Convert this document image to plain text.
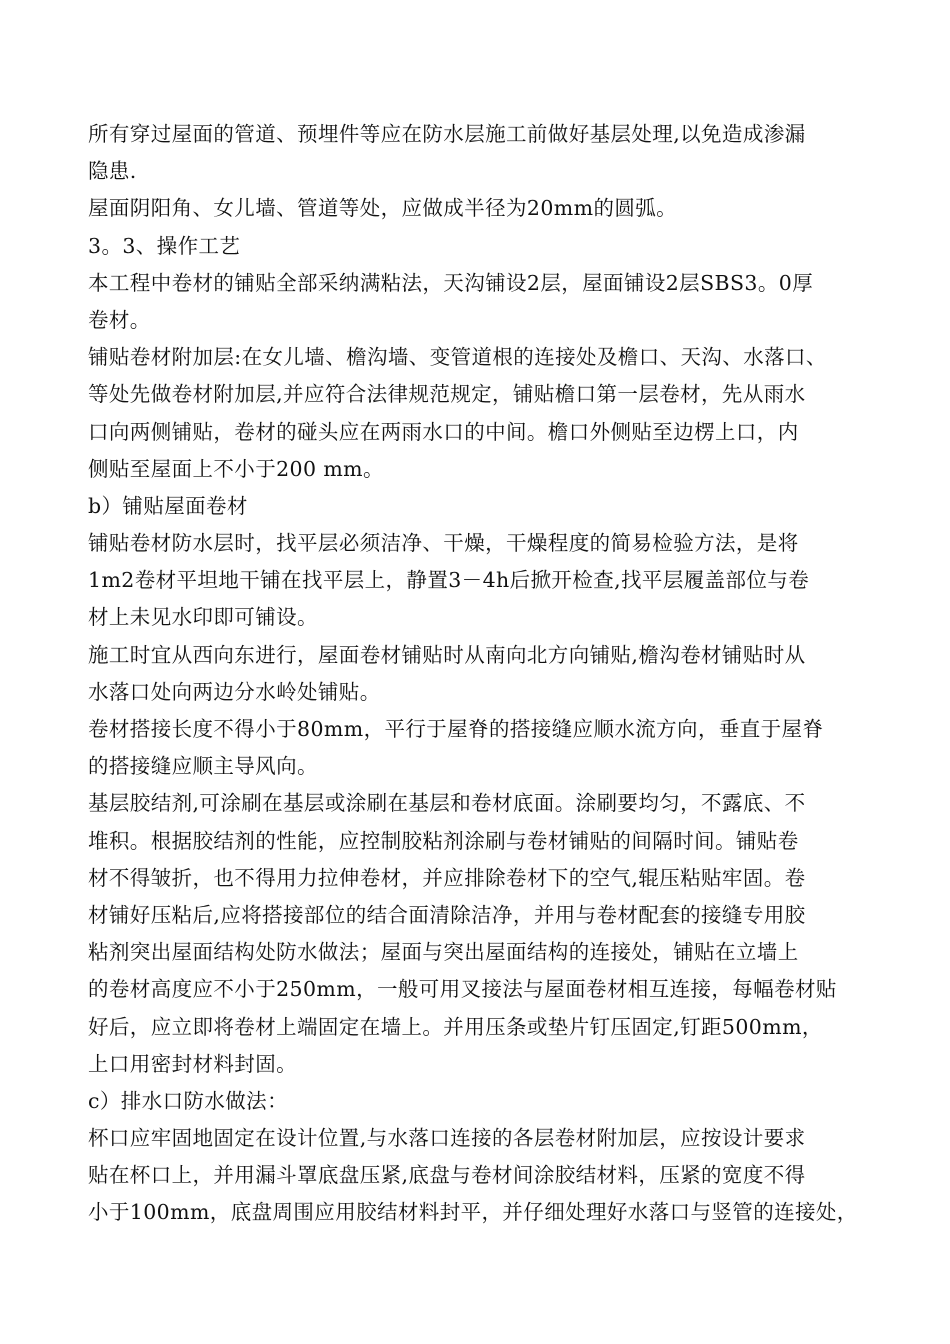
所有穿过屋面的管道、预埋件等应在防水层施工前做好基层处理,以免造成渗漏
隐患.
屋面阴阳角、女儿墙、管道等处，应做成半径为20mm的圆弧。
3。3、操作工艺
本工程中卷材的铺贴全部采纳满粘法，天沟铺设2层，屋面铺设2层SBS3。0厚
卷材。
铺贴卷材附加层:在女儿墙、檐沟墙、变管道根的连接处及檐口、天沟、水落口、
等处先做卷材附加层,并应符合法律规范规定，铺贴檐口第一层卷材，先从雨水
口向两侧铺贴，卷材的碰头应在两雨水口的中间。檐口外侧贴至边楞上口，内
侧贴至屋面上不小于200 mm。
b）铺贴屋面卷材
铺贴卷材防水层时，找平层必须洁净、干燥，干燥程度的简易检验方法，是将
1m2卷材平坦地干铺在找平层上，静置3－4h后掀开检查,找平层履盖部位与卷
材上未见水印即可铺设。
施工时宜从西向东进行，屋面卷材铺贴时从南向北方向铺贴,檐沟卷材铺贴时从
水落口处向两边分水岭处铺贴。
卷材搭接长度不得小于80mm，平行于屋脊的搭接缝应顺水流方向，垂直于屋脊
的搭接缝应顺主导风向。
基层胶结剂,可涂刷在基层或涂刷在基层和卷材底面。涂刷要均匀，不露底、不
堆积。根据胶结剂的性能，应控制胶粘剂涂刷与卷材铺贴的间隔时间。铺贴卷
材不得皱折，也不得用力拉伸卷材，并应排除卷材下的空气,辊压粘贴牢固。卷
材铺好压粘后,应将搭接部位的结合面清除洁净，并用与卷材配套的接缝专用胶
粘剂突出屋面结构处防水做法；屋面与突出屋面结构的连接处，铺贴在立墙上
的卷材高度应不小于250mm，一般可用叉接法与屋面卷材相互连接，每幅卷材贴
好后，应立即将卷材上端固定在墙上。并用压条或垫片钉压固定,钉距500mm，
上口用密封材料封固。
c）排水口防水做法：
杯口应牢固地固定在设计位置,与水落口连接的各层卷材附加层，应按设计要求
贴在杯口上，并用漏斗罩底盘压紧,底盘与卷材间涂胶结材料，压紧的宽度不得
小于100mm，底盘周围应用胶结材料封平，并仔细处理好水落口与竖管的连接处，
